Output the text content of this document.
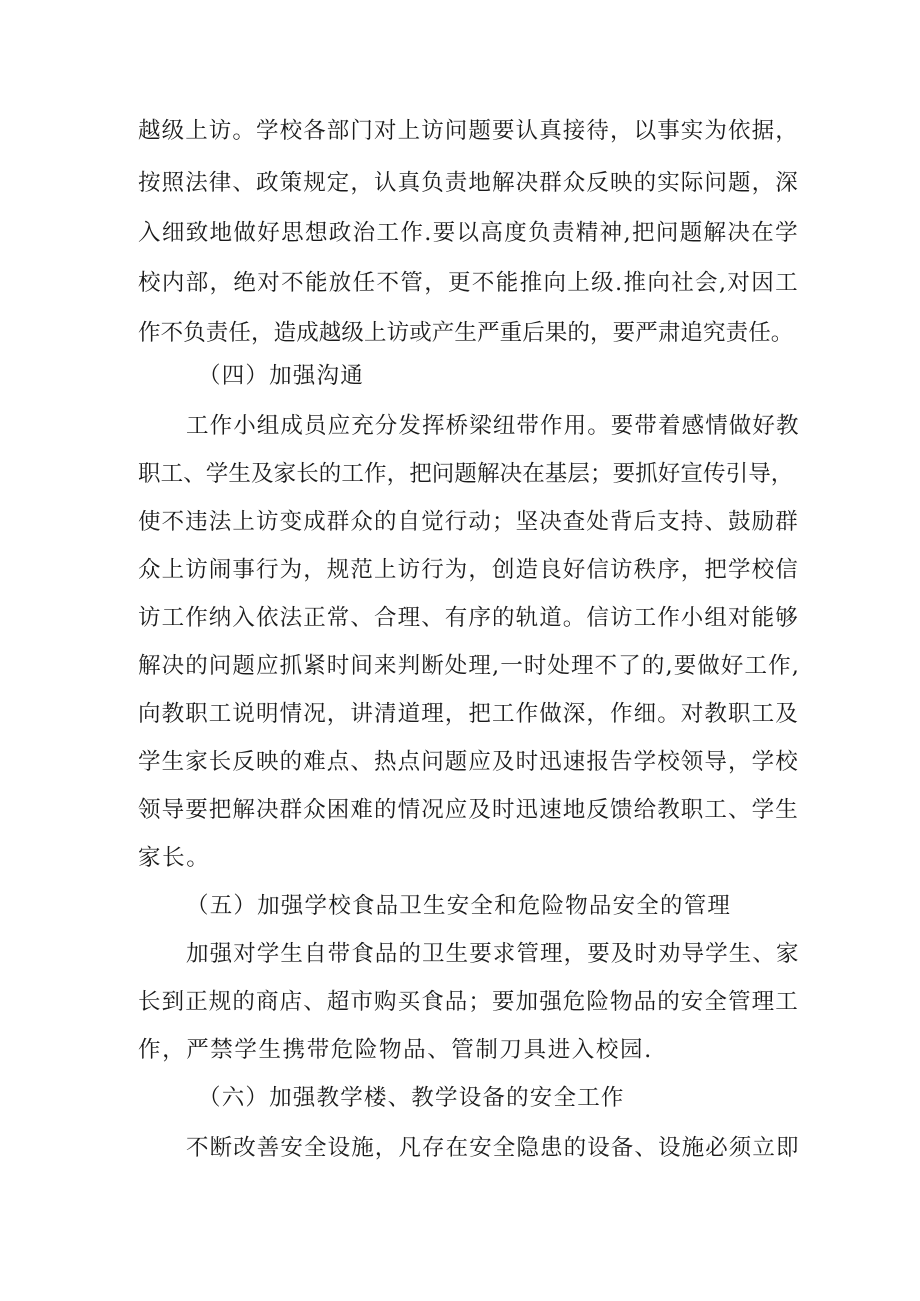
越级上访。学校各部门对上访问题要认真接待，以事实为依据，
按照法律、政策规定，认真负责地解决群众反映的实际问题，深
入细致地做好思想政治工作.要以高度负责精神,把问题解决在学
校内部，绝对不能放任不管，更不能推向上级.推向社会,对因工
作不负责任，造成越级上访或产生严重后果的，要严肃追究责任。
（四）加强沟通
工作小组成员应充分发挥桥梁纽带作用。要带着感情做好教
职工、学生及家长的工作，把问题解决在基层；要抓好宣传引导，
使不违法上访变成群众的自觉行动；坚决查处背后支持、鼓励群
众上访闹事行为，规范上访行为，创造良好信访秩序，把学校信
访工作纳入依法正常、合理、有序的轨道。信访工作小组对能够
解决的问题应抓紧时间来判断处理,一时处理不了的,要做好工作,
向教职工说明情况，讲清道理，把工作做深，作细。对教职工及
学生家长反映的难点、热点问题应及时迅速报告学校领导，学校
领导要把解决群众困难的情况应及时迅速地反馈给教职工、学生
家长。
（五）加强学校食品卫生安全和危险物品安全的管理
加强对学生自带食品的卫生要求管理，要及时劝导学生、家
长到正规的商店、超市购买食品；要加强危险物品的安全管理工
作，严禁学生携带危险物品、管制刀具进入校园.
（六）加强教学楼、教学设备的安全工作
不断改善安全设施，凡存在安全隐患的设备、设施必须立即
